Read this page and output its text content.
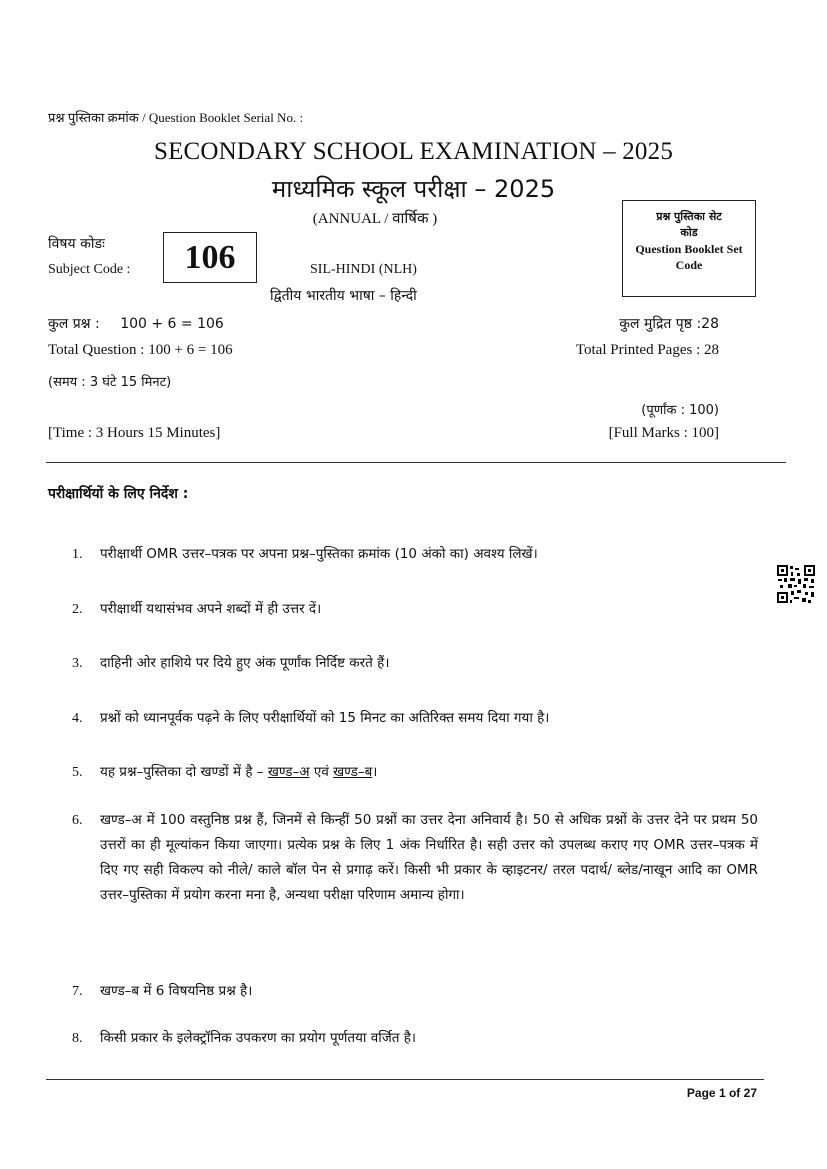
प्रश्न पुस्तिका क्रमांक / Question Booklet Serial No. :
SECONDARY SCHOOL EXAMINATION – 2025
माध्यमिक स्कूल परीक्षा – 2025
(ANNUAL / वार्षिक )	प्रश्न पुस्तिका सेट
कोड
Question Booklet Set
Code
विषय कोडः
Subject Code :	106	SIL-HINDI (NLH)
द्वितीय भारतीय भाषा – हिन्दी
कुल प्रश्न : 100 + 6 = 106	कुल मुद्रित पृष्ठ :28
Total Question : 100 + 6 = 106	Total Printed Pages : 28
(समय : 3 घंटे 15 मिनट)
(पूर्णांक : 100)
[Time : 3 Hours 15 Minutes]	[Full Marks : 100]
परीक्षार्थियों के लिए निर्देश :
1.	परीक्षार्थी OMR उत्तर–पत्रक पर अपना प्रश्न–पुस्तिका क्रमांक (10 अंको का) अवश्य लिखें।
2.	परीक्षार्थी यथासंभव अपने शब्दों में ही उत्तर दें।
3.	दाहिनी ओर हाशिये पर दिये हुए अंक पूर्णांक निर्दिष्ट करते हैं।
4.	प्रश्नों को ध्यानपूर्वक पढ़ने के लिए परीक्षार्थियों को 15 मिनट का अतिरिक्त समय दिया गया है।
5.	यह प्रश्न–पुस्तिका दो खण्डों में है – खण्ड–अ एवं खण्ड–ब।
6.	खण्ड–अ में 100 वस्तुनिष्ठ प्रश्न हैं, जिनमें से किन्हीं 50 प्रश्नों का उत्तर देना अनिवार्य है। 50 से अधिक प्रश्नों के उत्तर देने पर प्रथम 50 उत्तरों का ही मूल्यांकन किया जाएगा। प्रत्येक प्रश्न के लिए 1 अंक निर्धारित है। सही उत्तर को उपलब्ध कराए गए OMR उत्तर–पत्रक में दिए गए सही विकल्प को नीले/ काले बॉल पेन से प्रगाढ़ करें। किसी भी प्रकार के व्हाइटनर/ तरल पदार्थ/ ब्लेड/नाखून आदि का OMR उत्तर–पुस्तिका में प्रयोग करना मना है, अन्यथा परीक्षा परिणाम अमान्य होगा।
7.	खण्ड–ब में 6 विषयनिष्ठ प्रश्न है।
8.	किसी प्रकार के इलेक्ट्रॉनिक उपकरण का प्रयोग पूर्णतया वर्जित है।
Page 1 of 27
